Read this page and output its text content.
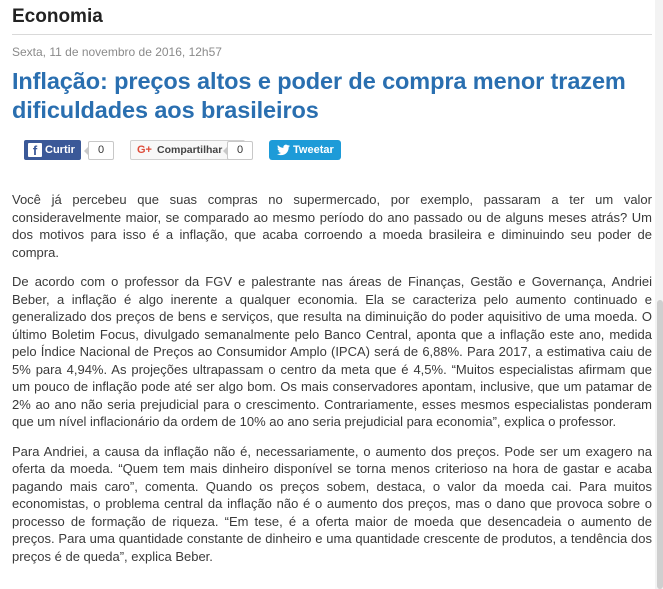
Economia
Sexta, 11 de novembro de 2016, 12h57
Inflação: preços altos e poder de compra menor trazem dificuldades aos brasileiros
f Curtir	0	G+ Compartilhar	0	Tweetar

Você já percebeu que suas compras no supermercado, por exemplo, passaram a ter um valor consideravelmente maior, se comparado ao mesmo período do ano passado ou de alguns meses atrás? Um dos motivos para isso é a inflação, que acaba corroendo a moeda brasileira e diminuindo seu poder de compra.

De acordo com o professor da FGV e palestrante nas áreas de Finanças, Gestão e Governança, Andriei Beber, a inflação é algo inerente a qualquer economia. Ela se caracteriza pelo aumento continuado e generalizado dos preços de bens e serviços, que resulta na diminuição do poder aquisitivo de uma moeda. O último Boletim Focus, divulgado semanalmente pelo Banco Central, aponta que a inflação este ano, medida pelo Índice Nacional de Preços ao Consumidor Amplo (IPCA) será de 6,88%. Para 2017, a estimativa caiu de 5% para 4,94%. As projeções ultrapassam o centro da meta que é 4,5%. “Muitos especialistas afirmam que um pouco de inflação pode até ser algo bom. Os mais conservadores apontam, inclusive, que um patamar de 2% ao ano não seria prejudicial para o crescimento. Contrariamente, esses mesmos especialistas ponderam que um nível inflacionário da ordem de 10% ao ano seria prejudicial para economia”, explica o professor.

Para Andriei, a causa da inflação não é, necessariamente, o aumento dos preços. Pode ser um exagero na oferta da moeda. “Quem tem mais dinheiro disponível se torna menos criterioso na hora de gastar e acaba pagando mais caro”, comenta. Quando os preços sobem, destaca, o valor da moeda cai. Para muitos economistas, o problema central da inflação não é o aumento dos preços, mas o dano que provoca sobre o processo de formação de riqueza. “Em tese, é a oferta maior de moeda que desencadeia o aumento de preços. Para uma quantidade constante de dinheiro e uma quantidade crescente de produtos, a tendência dos preços é de queda”, explica Beber.
